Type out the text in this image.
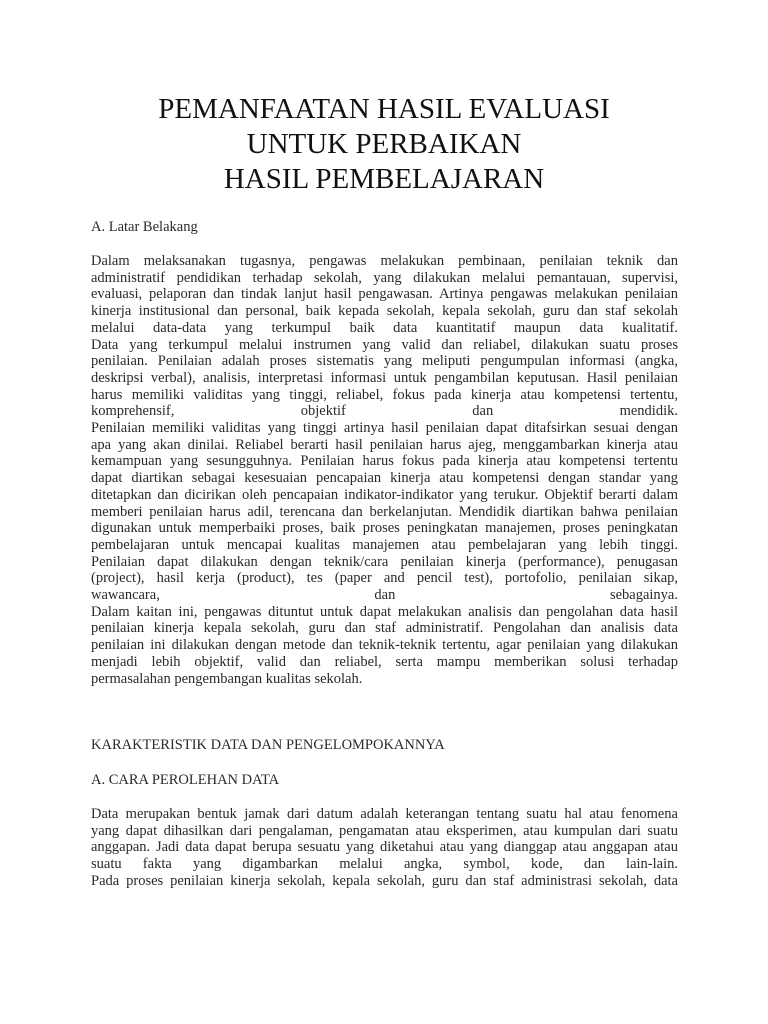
PEMANFAATAN HASIL EVALUASI
UNTUK PERBAIKAN
HASIL PEMBELAJARAN
A. Latar Belakang
Dalam melaksanakan tugasnya, pengawas melakukan pembinaan, penilaian teknik dan
administratif pendidikan terhadap sekolah, yang dilakukan melalui pemantauan, supervisi,
evaluasi, pelaporan dan tindak lanjut hasil pengawasan. Artinya pengawas melakukan penilaian
kinerja institusional dan personal, baik kepada sekolah, kepala sekolah, guru dan staf sekolah
melalui data-data yang terkumpul baik data kuantitatif maupun data kualitatif.
Data yang terkumpul melalui instrumen yang valid dan reliabel, dilakukan suatu proses
penilaian. Penilaian adalah proses sistematis yang meliputi pengumpulan informasi (angka,
deskripsi verbal), analisis, interpretasi informasi untuk pengambilan keputusan. Hasil penilaian
harus memiliki validitas yang tinggi, reliabel, fokus pada kinerja atau kompetensi tertentu,
komprehensif, objektif dan mendidik.
Penilaian memiliki validitas yang tinggi artinya hasil penilaian dapat ditafsirkan sesuai dengan
apa yang akan dinilai. Reliabel berarti hasil penilaian harus ajeg, menggambarkan kinerja atau
kemampuan yang sesungguhnya. Penilaian harus fokus pada kinerja atau kompetensi tertentu
dapat diartikan sebagai kesesuaian pencapaian kinerja atau kompetensi dengan standar yang
ditetapkan dan dicirikan oleh pencapaian indikator-indikator yang terukur. Objektif berarti dalam
memberi penilaian harus adil, terencana dan berkelanjutan. Mendidik diartikan bahwa penilaian
digunakan untuk memperbaiki proses, baik proses peningkatan manajemen, proses peningkatan
pembelajaran untuk mencapai kualitas manajemen atau pembelajaran yang lebih tinggi.
Penilaian dapat dilakukan dengan teknik/cara penilaian kinerja (performance), penugasan
(project), hasil kerja (product), tes (paper and pencil test), portofolio, penilaian sikap,
wawancara, dan sebagainya.
Dalam kaitan ini, pengawas dituntut untuk dapat melakukan analisis dan pengolahan data hasil
penilaian kinerja kepala sekolah, guru dan staf administratif. Pengolahan dan analisis data
penilaian ini dilakukan dengan metode dan teknik-teknik tertentu, agar penilaian yang dilakukan
menjadi lebih objektif, valid dan reliabel, serta mampu memberikan solusi terhadap
permasalahan pengembangan kualitas sekolah.
KARAKTERISTIK DATA DAN PENGELOMPOKANNYA
A. CARA PEROLEHAN DATA
Data merupakan bentuk jamak dari datum adalah keterangan tentang suatu hal atau fenomena
yang dapat dihasilkan dari pengalaman, pengamatan atau eksperimen, atau kumpulan dari suatu
anggapan. Jadi data dapat berupa sesuatu yang diketahui atau yang dianggap atau anggapan atau
suatu fakta yang digambarkan melalui angka, symbol, kode, dan lain-lain.
Pada proses penilaian kinerja sekolah, kepala sekolah, guru dan staf administrasi sekolah, data
